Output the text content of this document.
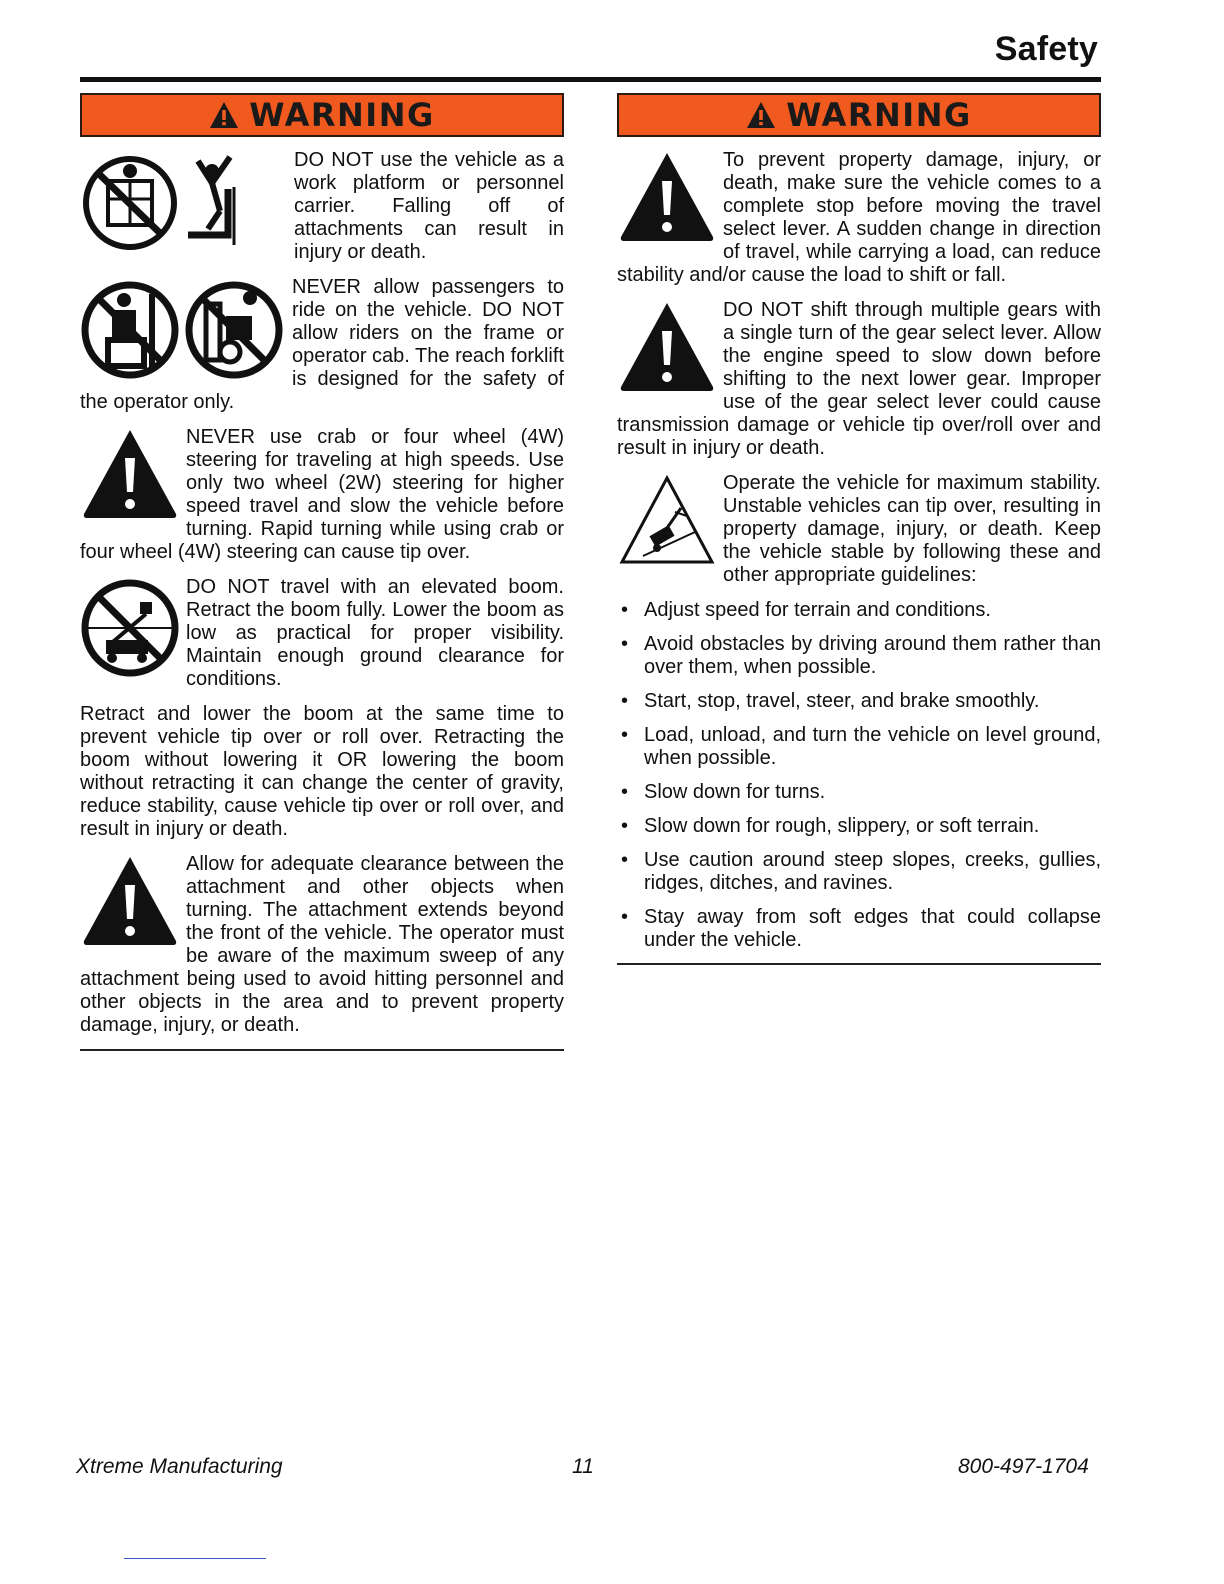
Safety
WARNING
DO NOT use the vehicle as a work platform or personnel carrier. Falling off of attachments can result in injury or death.
NEVER allow passengers to ride on the vehicle. DO NOT allow riders on the frame or operator cab. The reach forklift is designed for the safety of the operator only.
NEVER use crab or four wheel (4W) steering for traveling at high speeds. Use only two wheel (2W) steering for higher speed travel and slow the vehicle before turning. Rapid turning while using crab or four wheel (4W) steering can cause tip over.
DO NOT travel with an elevated boom. Retract the boom fully. Lower the boom as low as practical for proper visibility. Maintain enough ground clearance for conditions.

Retract and lower the boom at the same time to prevent vehicle tip over or roll over. Retracting the boom without lowering it OR lowering the boom without retracting it can change the center of gravity, reduce stability, cause vehicle tip over or roll over, and result in injury or death.

Allow for adequate clearance between the attachment and other objects when turning. The attachment extends beyond the front of the vehicle. The operator must be aware of the maximum sweep of any attachment being used to avoid hitting personnel and other objects in the area and to prevent property damage, injury, or death.
WARNING
To prevent property damage, injury, or death, make sure the vehicle comes to a complete stop before moving the travel select lever. A sudden change in direction of travel, while carrying a load, can reduce stability and/or cause the load to shift or fall.
DO NOT shift through multiple gears with a single turn of the gear select lever. Allow the engine speed to slow down before shifting to the next lower gear. Improper use of the gear select lever could cause transmission damage or vehicle tip over/roll over and result in injury or death.
Operate the vehicle for maximum stability. Unstable vehicles can tip over, resulting in property damage, injury, or death. Keep the vehicle stable by following these and other appropriate guidelines:
• Adjust speed for terrain and conditions.
• Avoid obstacles by driving around them rather than over them, when possible.
• Start, stop, travel, steer, and brake smoothly.
• Load, unload, and turn the vehicle on level ground, when possible.
• Slow down for turns.
• Slow down for rough, slippery, or soft terrain.
• Use caution around steep slopes, creeks, gullies, ridges, ditches, and ravines.
• Stay away from soft edges that could collapse under the vehicle.
Xtreme Manufacturing	11	800-497-1704
